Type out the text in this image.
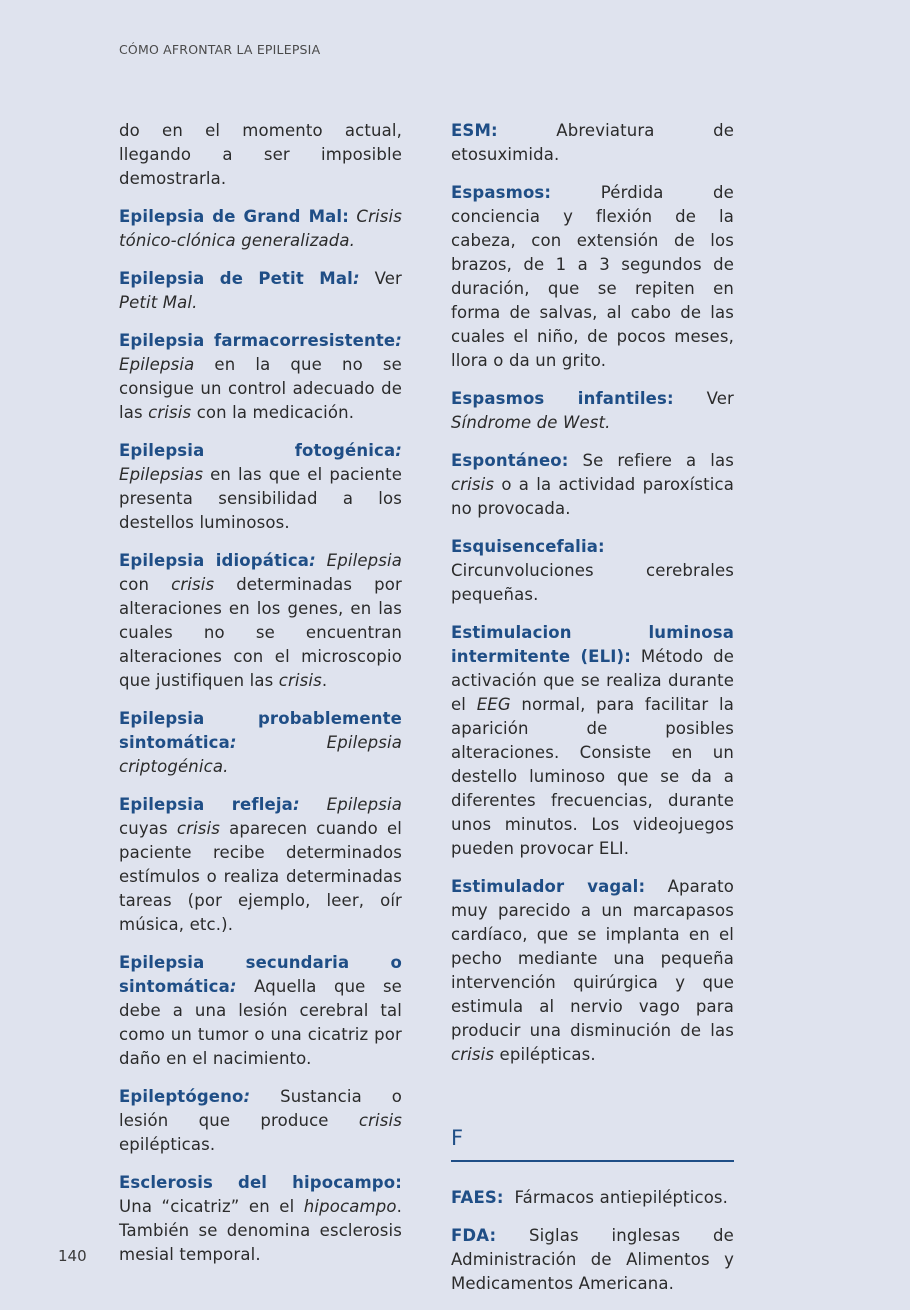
CÓMO AFRONTAR LA EPILEPSIA

do en el momento actual, llegando a ser imposible demostrarla.

Epilepsia de Grand Mal: Crisis tónico-clónica generalizada.

Epilepsia de Petit Mal: Ver Petit Mal.

Epilepsia farmacorresistente: Epilepsia en la que no se consigue un control adecuado de las crisis con la medicación.

Epilepsia fotogénica: Epilepsias en las que el paciente presenta sensibilidad a los destellos luminosos.

Epilepsia idiopática: Epilepsia con crisis determinadas por alteraciones en los genes, en las cuales no se encuentran alteraciones con el microscopio que justifiquen las crisis.

Epilepsia probablemente sintomática:	Epilepsia criptogénica.

Epilepsia refleja: Epilepsia cuyas crisis aparecen cuando el paciente recibe determinados estímulos o realiza determinadas tareas (por ejemplo, leer, oír música, etc.).

Epilepsia secundaria o sintomática: Aquella que se debe a una lesión cerebral tal como un tumor o una cicatriz por daño en el nacimiento.

Epileptógeno: Sustancia o lesión que produce crisis epilépticas.

Esclerosis del hipocampo: Una “cicatriz” en el hipocampo. También se denomina esclerosis mesial temporal.

ESM:	Abreviatura de etosuximida.

Espasmos:	Pérdida de conciencia y flexión de la cabeza, con extensión de los brazos, de 1 a 3 segundos de duración, que se repiten en forma de salvas, al cabo de las cuales el niño, de pocos meses, llora o da un grito.

Espasmos infantiles: Ver Síndrome de West.

Espontáneo: Se refiere a las crisis o a la actividad paroxística no provocada.

Esquisencefalia: Circunvoluciones cerebrales pequeñas.

Estimulacion luminosa intermitente (ELI): Método de activación que se realiza durante el EEG normal, para facilitar la aparición de posibles alteraciones. Consiste en un destello luminoso que se da a diferentes frecuencias, durante unos minutos. Los videojuegos pueden provocar ELI.

Estimulador vagal: Aparato muy parecido a un marcapasos cardíaco, que se implanta en el pecho mediante una pequeña intervención quirúrgica y que estimula al nervio vago para producir una disminución de las crisis epilépticas.

F

FAES: Fármacos antiepilépticos.

FDA: Siglas inglesas de Administración de Alimentos y Medicamentos Americana.

140
